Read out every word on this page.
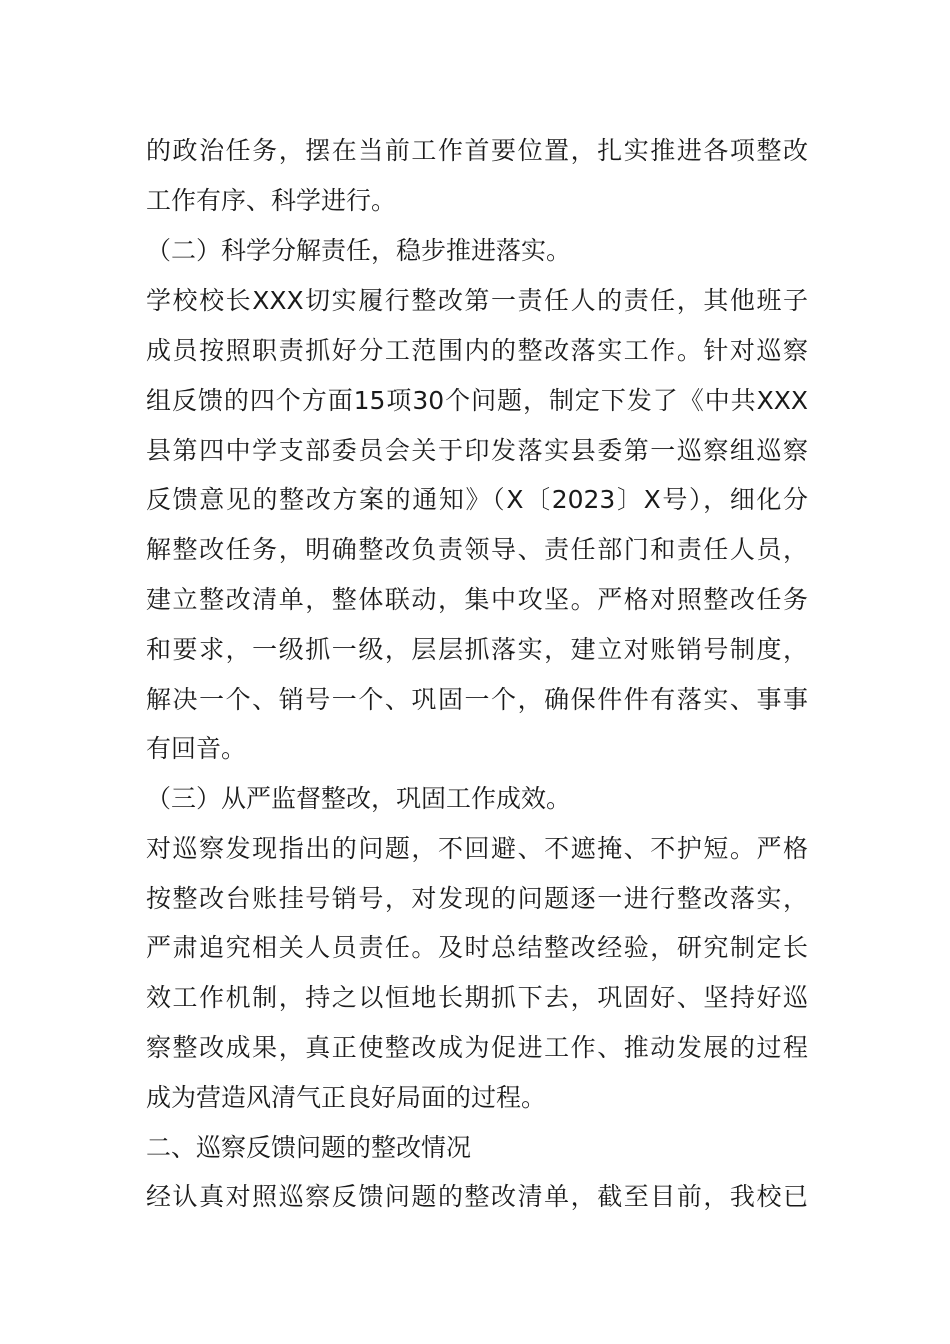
的政治任务，摆在当前工作首要位置，扎实推进各项整改
工作有序、科学进行。
（二）科学分解责任，稳步推进落实。
学校校长XXX切实履行整改第一责任人的责任，其他班子
成员按照职责抓好分工范围内的整改落实工作。针对巡察
组反馈的四个方面15项30个问题，制定下发了《中共XXX
县第四中学支部委员会关于印发落实县委第一巡察组巡察
反馈意见的整改方案的通知》（X〔2023〕X号），细化分
解整改任务，明确整改负责领导、责任部门和责任人员，
建立整改清单，整体联动，集中攻坚。严格对照整改任务
和要求，一级抓一级，层层抓落实，建立对账销号制度，
解决一个、销号一个、巩固一个，确保件件有落实、事事
有回音。
（三）从严监督整改，巩固工作成效。
对巡察发现指出的问题，不回避、不遮掩、不护短。严格
按整改台账挂号销号，对发现的问题逐一进行整改落实，
严肃追究相关人员责任。及时总结整改经验，研究制定长
效工作机制，持之以恒地长期抓下去，巩固好、坚持好巡
察整改成果，真正使整改成为促进工作、推动发展的过程
成为营造风清气正良好局面的过程。
二、巡察反馈问题的整改情况
经认真对照巡察反馈问题的整改清单，截至目前，我校已
